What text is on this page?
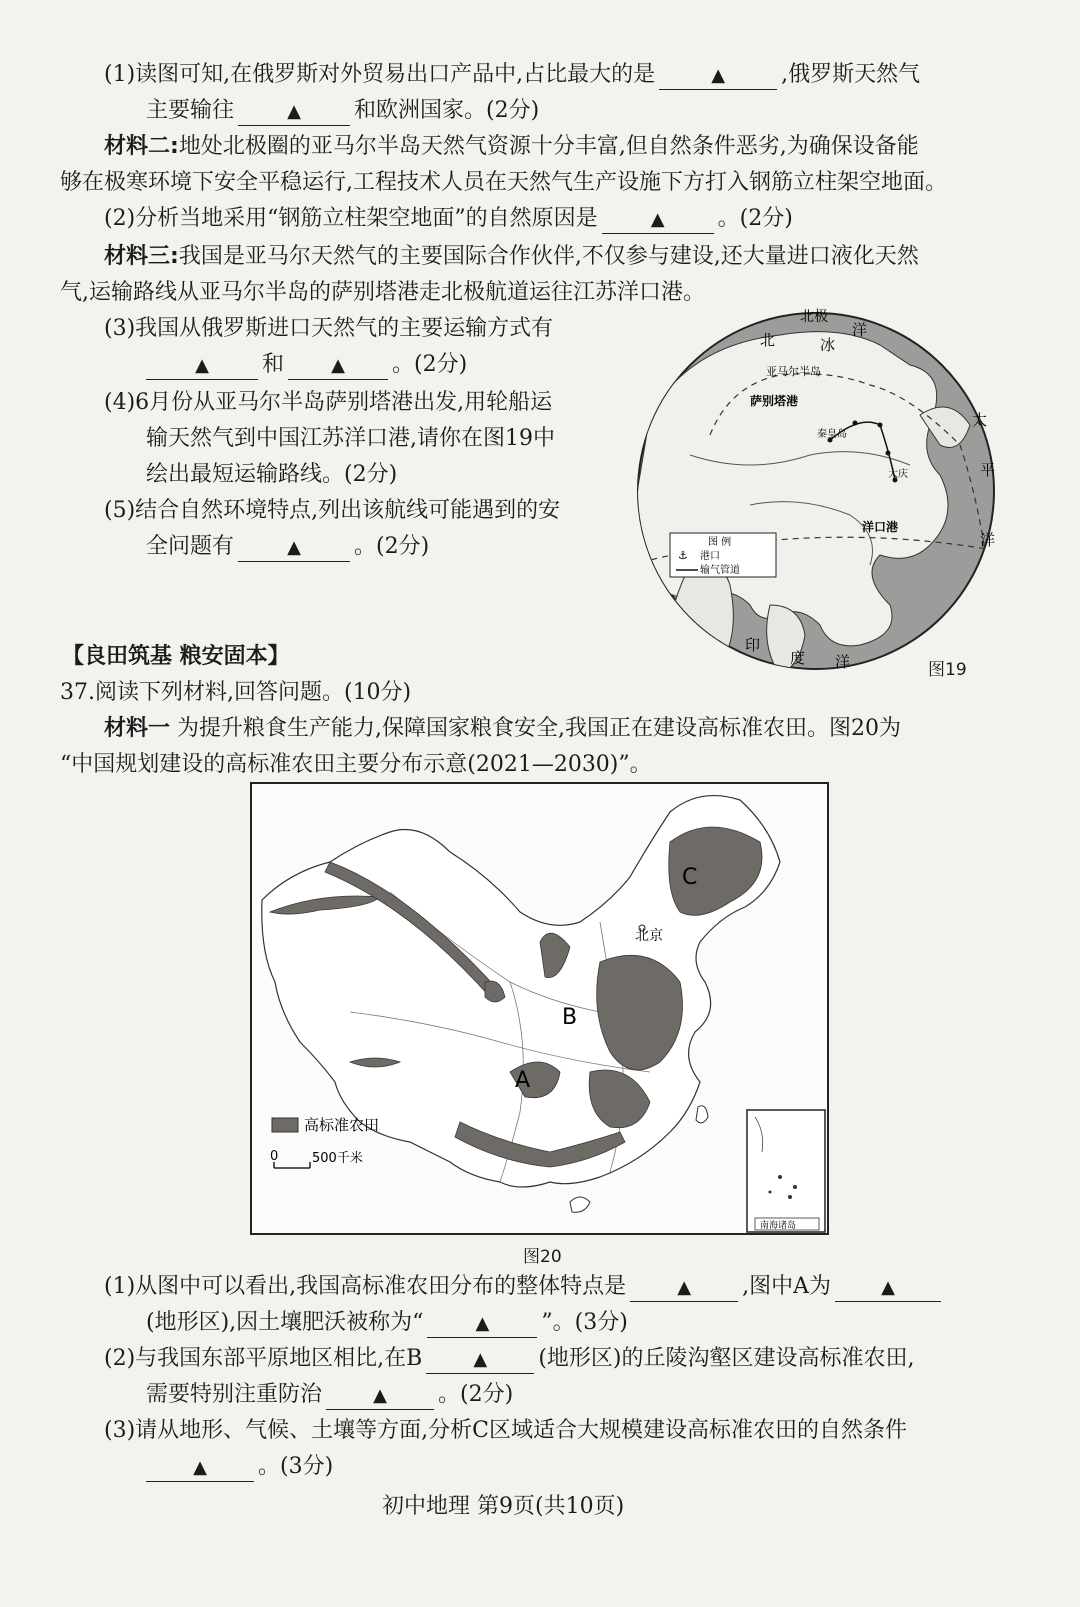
(1)读图可知,在俄罗斯对外贸易出口产品中,占比最大的是	▲	,俄罗斯天然气
主要输往	▲ 和欧洲国家。(2分)
材料二:地处北极圈的亚马尔半岛天然气资源十分丰富,但自然条件恶劣,为确保设备能
够在极寒环境下安全平稳运行,工程技术人员在天然气生产设施下方打入钢筋立柱架空地面。
(2)分析当地采用“钢筋立柱架空地面”的自然原因是	▲ 。(2分)
材料三:我国是亚马尔天然气的主要国际合作伙伴,不仅参与建设,还大量进口液化天然
气,运输路线从亚马尔半岛的萨别塔港走北极航道运往江苏洋口港。
(3)我国从俄罗斯进口天然气的主要运输方式有
▲ 和	▲ 。(2分)
(4)6月份从亚马尔半岛萨别塔港出发,用轮船运
输天然气到中国江苏洋口港,请你在图19中
绘出最短运输路线。(2分)
(5)结合自然环境特点,列出该航线可能遇到的安
全问题有	▲ 。(2分)
北极
北	冰
洋
亚马尔半岛
萨别塔港
秦皇岛
大庆
洋口港
太
平
洋
印
度 洋
图 例
⚓ 港口
输气管道
图19
【良田筑基 粮安固本】
37.阅读下列材料,回答问题。(10分)
材料一 为提升粮食生产能力,保障国家粮食安全,我国正在建设高标准农田。图20为
“中国规划建设的高标准农田主要分布示意(2021—2030)”。
A
B
C
北京
高标准农田
0	500千米
南海诸岛
图20
(1)从图中可以看出,我国高标准农田分布的整体特点是	▲ ,图中A为	▲
(地形区),因土壤肥沃被称为“	▲ ”。(3分)
(2)与我国东部平原地区相比,在B	▲ (地形区)的丘陵沟壑区建设高标准农田,
需要特别注重防治	▲ 。(2分)
(3)请从地形、气候、土壤等方面,分析C区域适合大规模建设高标准农田的自然条件
▲ 。(3分)
初中地理 第9页(共10页)
